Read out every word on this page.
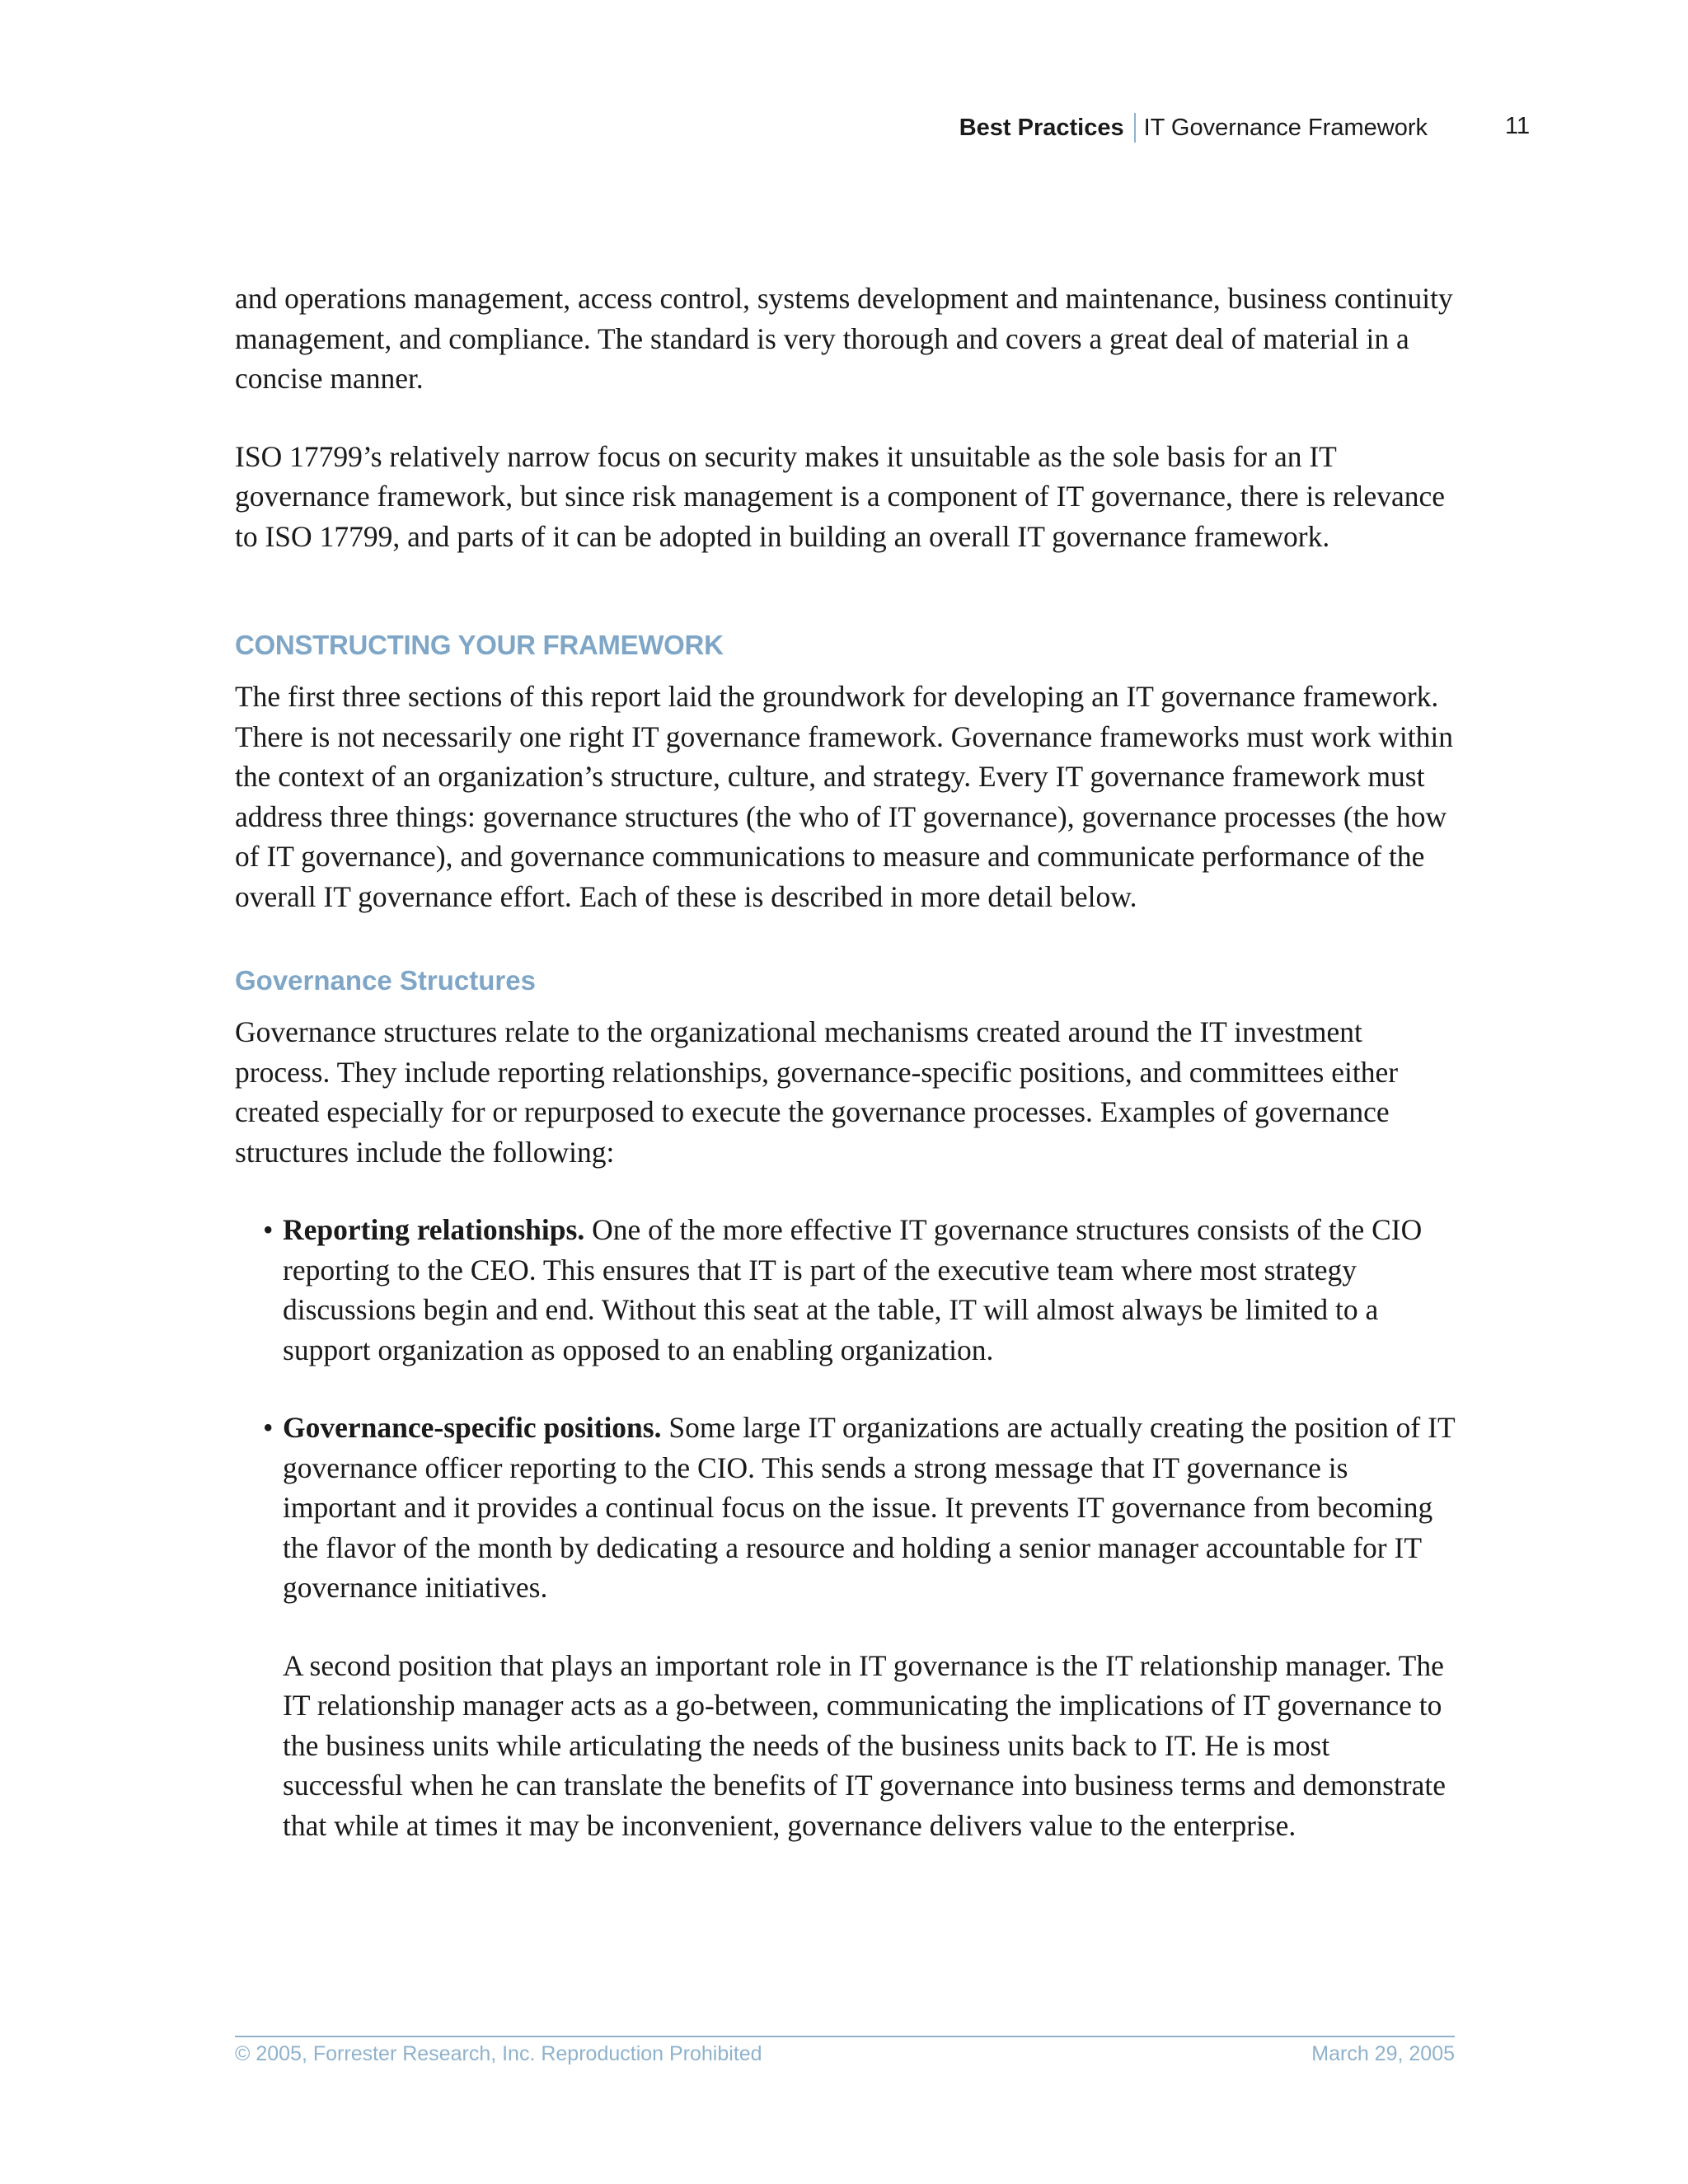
Best Practices IT Governance Framework	11

and operations management, access control, systems development and maintenance, business continuity management, and compliance. The standard is very thorough and covers a great deal of material in a concise manner.

ISO 17799’s relatively narrow focus on security makes it unsuitable as the sole basis for an IT governance framework, but since risk management is a component of IT governance, there is relevance to ISO 17799, and parts of it can be adopted in building an overall IT governance framework.

CONSTRUCTING YOUR FRAMEWORK

The first three sections of this report laid the groundwork for developing an IT governance framework. There is not necessarily one right IT governance framework. Governance frameworks must work within the context of an organization’s structure, culture, and strategy. Every IT governance framework must address three things: governance structures (the who of IT governance), governance processes (the how of IT governance), and governance communications to measure and communicate performance of the overall IT governance effort. Each of these is described in more detail below.

Governance Structures

Governance structures relate to the organizational mechanisms created around the IT investment process. They include reporting relationships, governance-specific positions, and committees either created especially for or repurposed to execute the governance processes. Examples of governance structures include the following:

• Reporting relationships. One of the more effective IT governance structures consists of the CIO reporting to the CEO. This ensures that IT is part of the executive team where most strategy discussions begin and end. Without this seat at the table, IT will almost always be limited to a support organization as opposed to an enabling organization.
• Governance-specific positions. Some large IT organizations are actually creating the position of IT governance officer reporting to the CIO. This sends a strong message that IT governance is important and it provides a continual focus on the issue. It prevents IT governance from becoming the flavor of the month by dedicating a resource and holding a senior manager accountable for IT governance initiatives.

A second position that plays an important role in IT governance is the IT relationship manager. The IT relationship manager acts as a go-between, communicating the implications of IT governance to the business units while articulating the needs of the business units back to IT. He is most successful when he can translate the benefits of IT governance into business terms and demonstrate that while at times it may be inconvenient, governance delivers value to the enterprise.

© 2005, Forrester Research, Inc. Reproduction Prohibited	March 29, 2005
